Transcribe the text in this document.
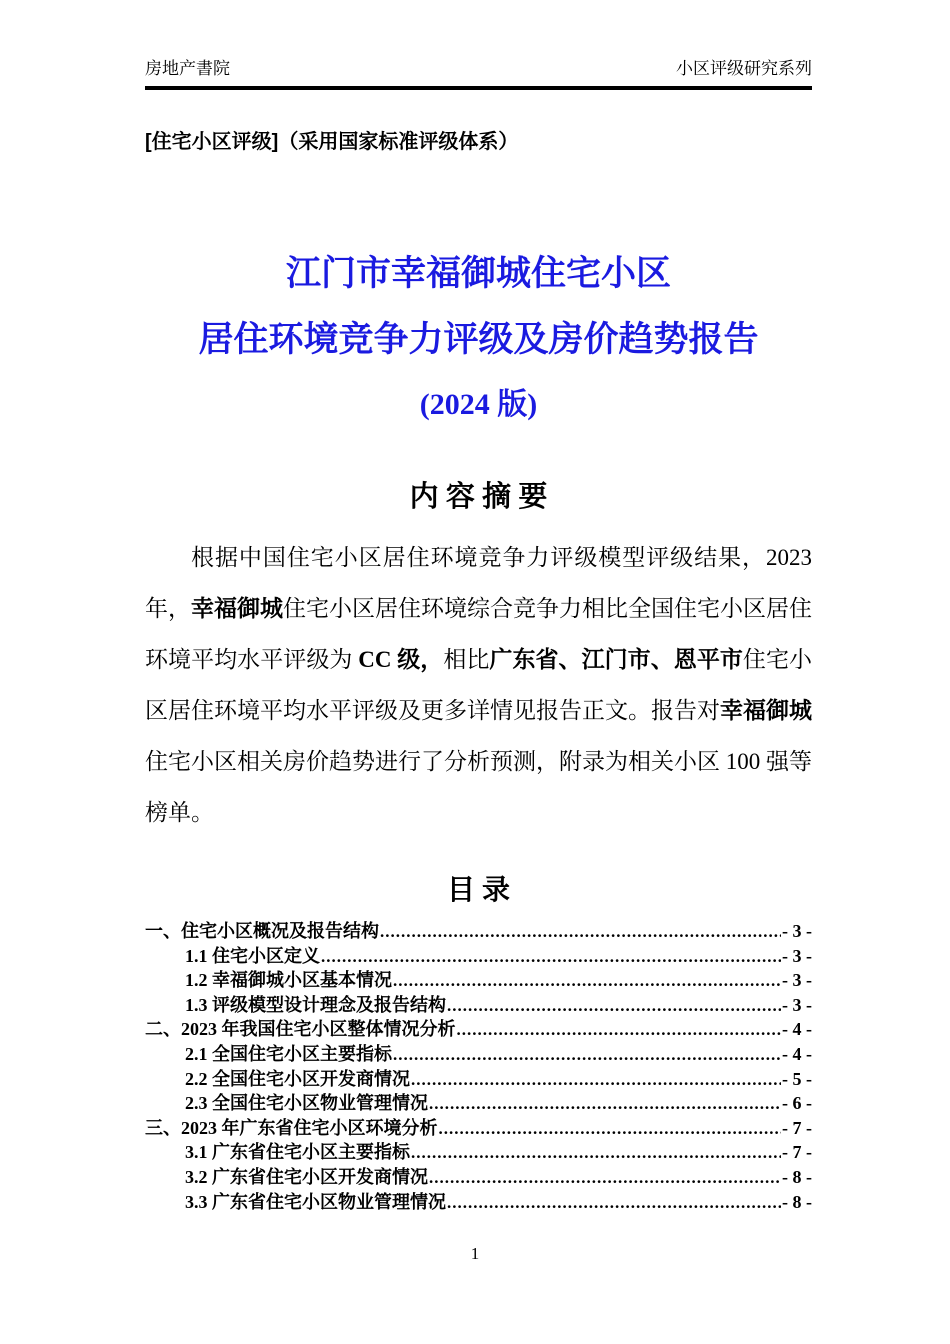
房地产書院	小区评级研究系列
[住宅小区评级]（采用国家标准评级体系）
江门市幸福御城住宅小区
居住环境竞争力评级及房价趋势报告
(2024 版)
内 容 摘 要

根据中国住宅小区居住环境竞争力评级模型评级结果，2023 年，幸福御城住宅小区居住环境综合竞争力相比全国住宅小区居住环境平均水平评级为 CC 级，相比广东省、江门市、恩平市住宅小区居住环境平均水平评级及更多详情见报告正文。报告对幸福御城住宅小区相关房价趋势进行了分析预测，附录为相关小区 100 强等榜单。

目 录
一、住宅小区概况及报告结构 .....	- 3 -
1.1 住宅小区定义 .....	- 3 -
1.2 幸福御城小区基本情况 .....	- 3 -
1.3 评级模型设计理念及报告结构 .....	- 3 -
二、2023 年我国住宅小区整体情况分析 .....	- 4 -
2.1 全国住宅小区主要指标 .....	- 4 -
2.2 全国住宅小区开发商情况 .....	- 5 -
2.3 全国住宅小区物业管理情况 .....	- 6 -
三、2023 年广东省住宅小区环境分析 .....	- 7 -
3.1 广东省住宅小区主要指标 .....	- 7 -
3.2 广东省住宅小区开发商情况 .....	- 8 -
3.3 广东省住宅小区物业管理情况 .....	- 8 -
1
